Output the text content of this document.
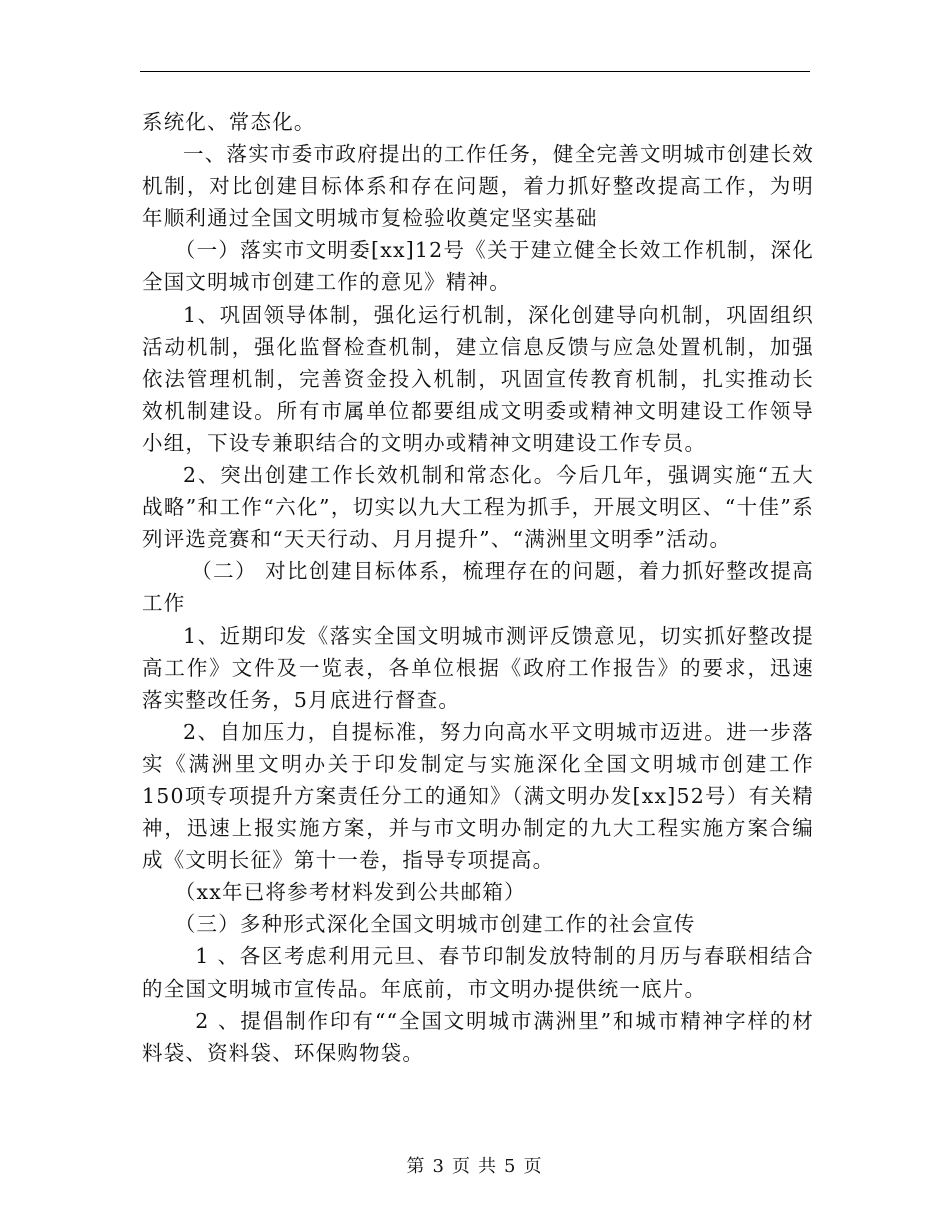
系统化、常态化。

一、落实市委市政府提出的工作任务，健全完善文明城市创建长效机制，对比创建目标体系和存在问题，着力抓好整改提高工作，为明年顺利通过全国文明城市复检验收奠定坚实基础

（一）落实市文明委[xx]12号《关于建立健全长效工作机制，深化全国文明城市创建工作的意见》精神。

1、巩固领导体制，强化运行机制，深化创建导向机制，巩固组织活动机制，强化监督检查机制，建立信息反馈与应急处置机制，加强依法管理机制，完善资金投入机制，巩固宣传教育机制，扎实推动长效机制建设。所有市属单位都要组成文明委或精神文明建设工作领导小组，下设专兼职结合的文明办或精神文明建设工作专员。

2、突出创建工作长效机制和常态化。今后几年，强调实施“五大战略”和工作“六化”，切实以九大工程为抓手，开展文明区、“十佳”系列评选竞赛和“天天行动、月月提升”、“满洲里文明季”活动。

（二） 对比创建目标体系，梳理存在的问题，着力抓好整改提高工作

1、近期印发《落实全国文明城市测评反馈意见，切实抓好整改提高工作》文件及一览表，各单位根据《政府工作报告》的要求，迅速落实整改任务，5月底进行督查。

2、自加压力，自提标准，努力向高水平文明城市迈进。进一步落实《满洲里文明办关于印发制定与实施深化全国文明城市创建工作150项专项提升方案责任分工的通知》（满文明办发[xx]52号）有关精神，迅速上报实施方案，并与市文明办制定的九大工程实施方案合编成《文明长征》第十一卷，指导专项提高。

（xx年已将参考材料发到公共邮箱）

（三）多种形式深化全国文明城市创建工作的社会宣传

1 、各区考虑利用元旦、春节印制发放特制的月历与春联相结合的全国文明城市宣传品。年底前，市文明办提供统一底片。

2 、提倡制作印有““全国文明城市满洲里”和城市精神字样的材料袋、资料袋、环保购物袋。

第 3 页 共 5 页
